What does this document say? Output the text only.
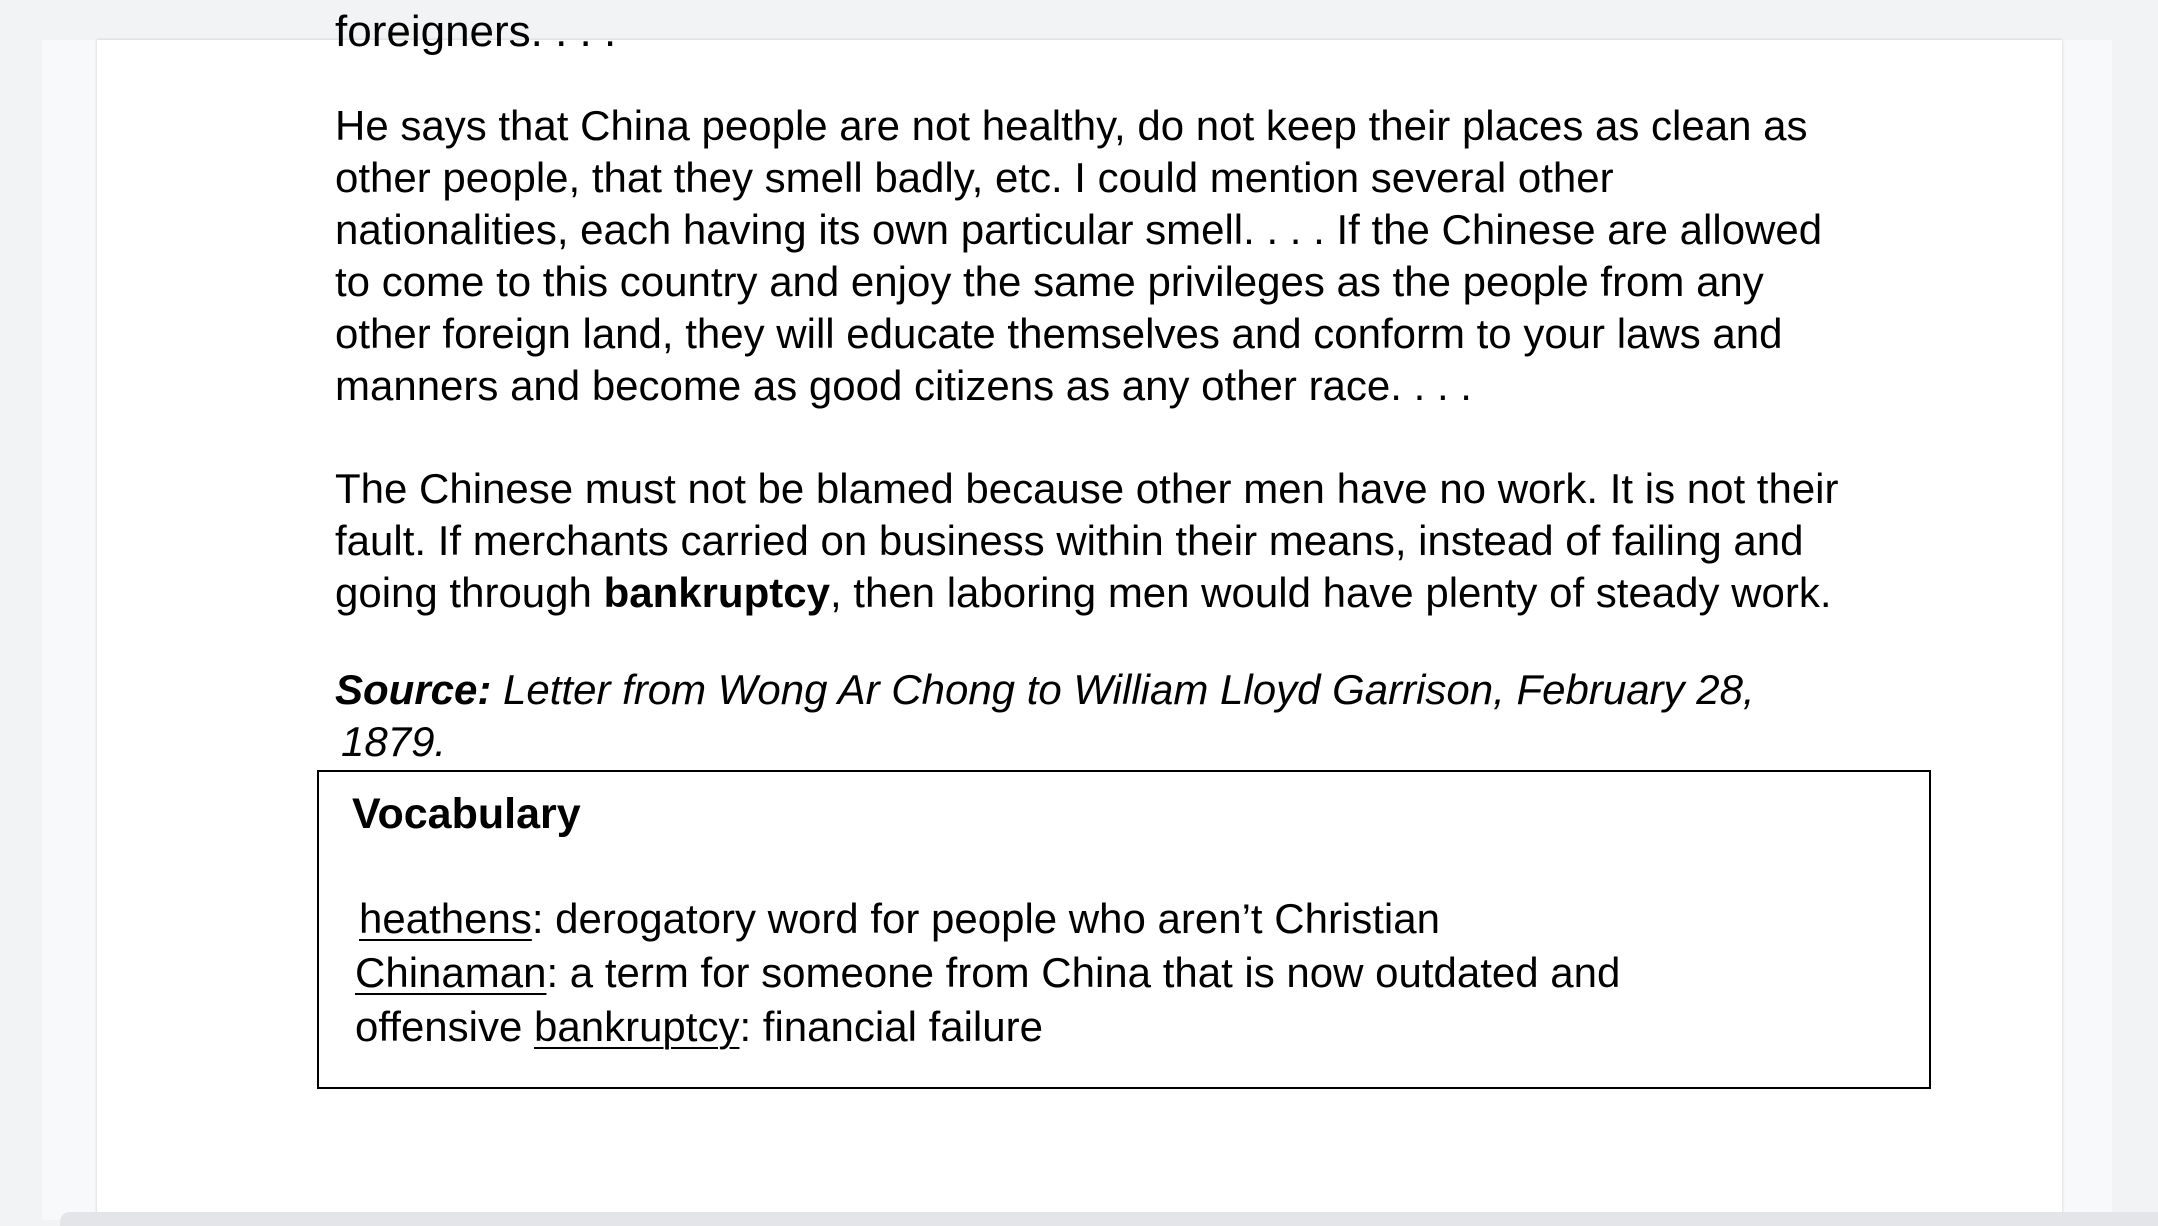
foreigners. . . .
He says that China people are not healthy, do not keep their places as clean as
other people, that they smell badly, etc. I could mention several other
nationalities, each having its own particular smell. . . . If the Chinese are allowed
to come to this country and enjoy the same privileges as the people from any
other foreign land, they will educate themselves and conform to your laws and
manners and become as good citizens as any other race. . . .
The Chinese must not be blamed because other men have no work. It is not their
fault. If merchants carried on business within their means, instead of failing and
going through bankruptcy, then laboring men would have plenty of steady work.
Source: Letter from Wong Ar Chong to William Lloyd Garrison, February 28,
1879.
Vocabulary
heathens: derogatory word for people who aren’t Christian
Chinaman: a term for someone from China that is now outdated and
offensive bankruptcy: financial failure
